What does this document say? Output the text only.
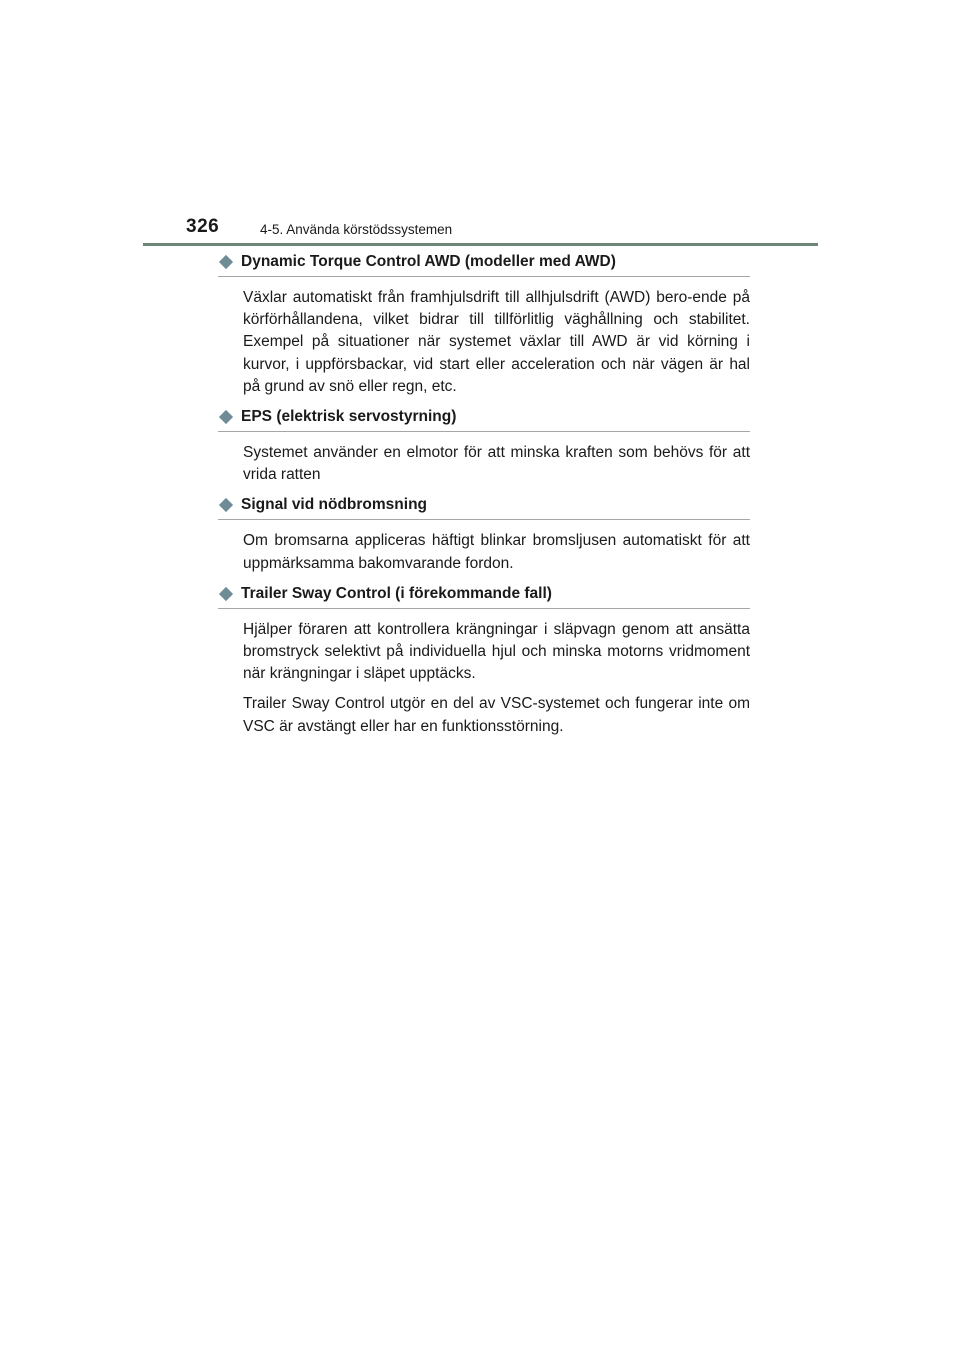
326	4-5. Använda körstödssystemen
Dynamic Torque Control AWD (modeller med AWD)

Växlar automatiskt från framhjulsdrift till allhjulsdrift (AWD) bero-ende på körförhållandena, vilket bidrar till tillförlitlig väghållning och stabilitet. Exempel på situationer när systemet växlar till AWD är vid körning i kurvor, i uppförsbackar, vid start eller acceleration och när vägen är hal på grund av snö eller regn, etc.

EPS (elektrisk servostyrning)

Systemet använder en elmotor för att minska kraften som behövs för att vrida ratten

Signal vid nödbromsning

Om bromsarna appliceras häftigt blinkar bromsljusen automatiskt för att uppmärksamma bakomvarande fordon.

Trailer Sway Control (i förekommande fall)

Hjälper föraren att kontrollera krängningar i släpvagn genom att ansätta bromstryck selektivt på individuella hjul och minska motorns vridmoment när krängningar i släpet upptäcks.

Trailer Sway Control utgör en del av VSC-systemet och fungerar inte om VSC är avstängt eller har en funktionsstörning.
